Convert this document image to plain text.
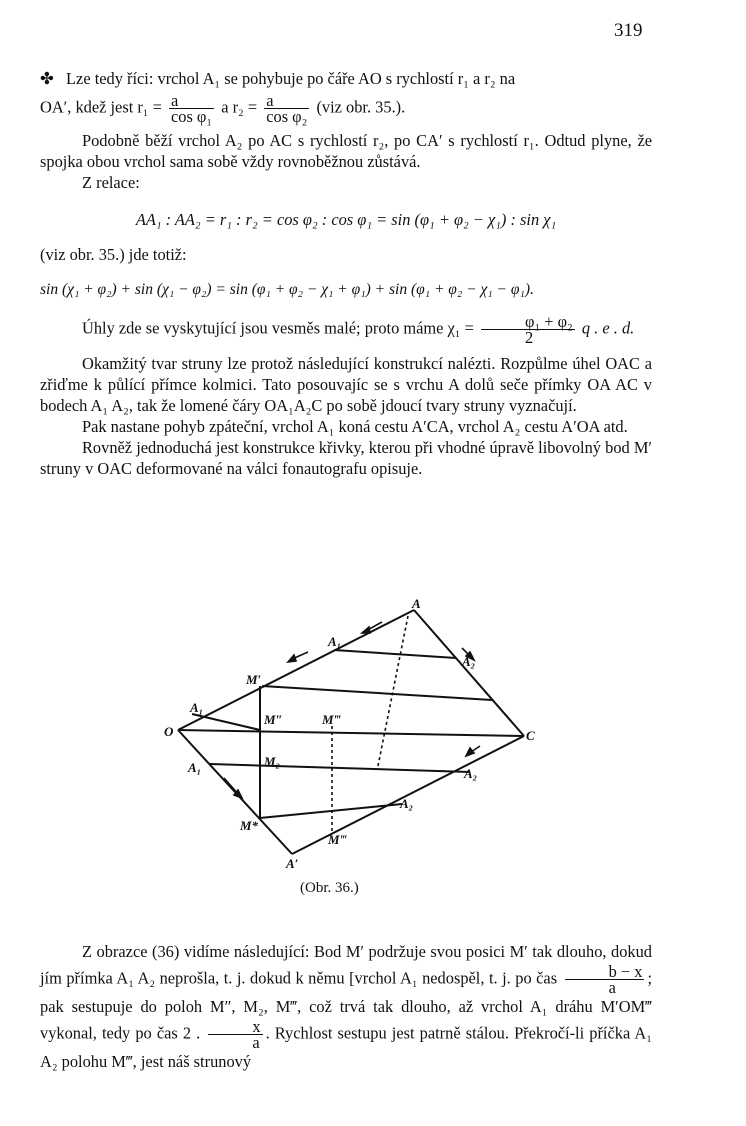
319

✤ Lze tedy říci: vrchol A₁ se pohybuje po čáře AO s rychlostí r₁ a r₂ na

OA′, kdež jest $r_1 = \frac{a}{\text{cos φ₁}}$ a $r_2 = \frac{a}{\text{cos φ₂}} (viz$ obr. 35.).

Podobně běží vrchol A₂ po AC s rychlostí r₂, po CA′ s rychlostí r₁. Odtud plyne, že spojka obou vrchol sama sobě vždy rovnoběžnou zůstává.

Z relace:

AA₁ : AA₂ = r₁ : r₂ = cos φ₂ : cos φ₁ = sin (φ₁ + φ₂ − χ₁) : sin χ₁

(viz obr. 35.) jde totiž:

sin (χ₁ + φ₂) + sin (χ₁ − φ₂) = sin (φ₁ + φ₂ − χ₁ + φ₁) + sin (φ₁ + φ₂ − χ₁ − φ₁).

Úhly zde se vyskytující jsou vesměs malé; proto máme $\chi_1 = \frac{\text{φ₁ + φ₂}}{2}$ q . e . d.

Okamžitý tvar struny lze protož následující konstrukcí nalézti. Rozpůlme úhel OAC a zřiďme k půlící přímce kolmici. Tato posouvajíc se s vrchu A dolů seče přímky OA AC v bodech A₁ A₂, tak že lomené čáry OA₁A₂C po sobě jdoucí tvary struny vyznačují.

Pak nastane pohyb zpáteční, vrchol A₁ koná cestu A′CA, vrchol A₂ cestu A′OA atd.

Rovněž jednoduchá jest konstrukce křivky, kterou při vhodné úpravě libovolný bod M′ struny v OAC deformované na válci fonautografu opisuje.

A
A₁
A₂
M′
A₁
O
M″	M‴
C
A₁	M₂
A₂
A₂
M*
M‴
A′
(Obr. 36.)

Z obrazce (36) vidíme následující: Bod M′ podržuje svou posici M′ tak dlouho, dokud jím přímka A₁ A₂ neprošla, t. j. dokud k němu [vrchol A₁ nedospěl, t. j. po čas $\frac{b - x}{a}$ ; pak sestupuje do poloh M″, M₂, M‴, což trvá tak dlouho, až vrchol A₁ dráhu M′OM‴ vykonal, tedy po čas 2 . $\frac{x}{a}$ . Rychlost sestupu jest patrně stálou. Překročí-li příčka A₁ A₂ polohu M‴, jest náš strunový
